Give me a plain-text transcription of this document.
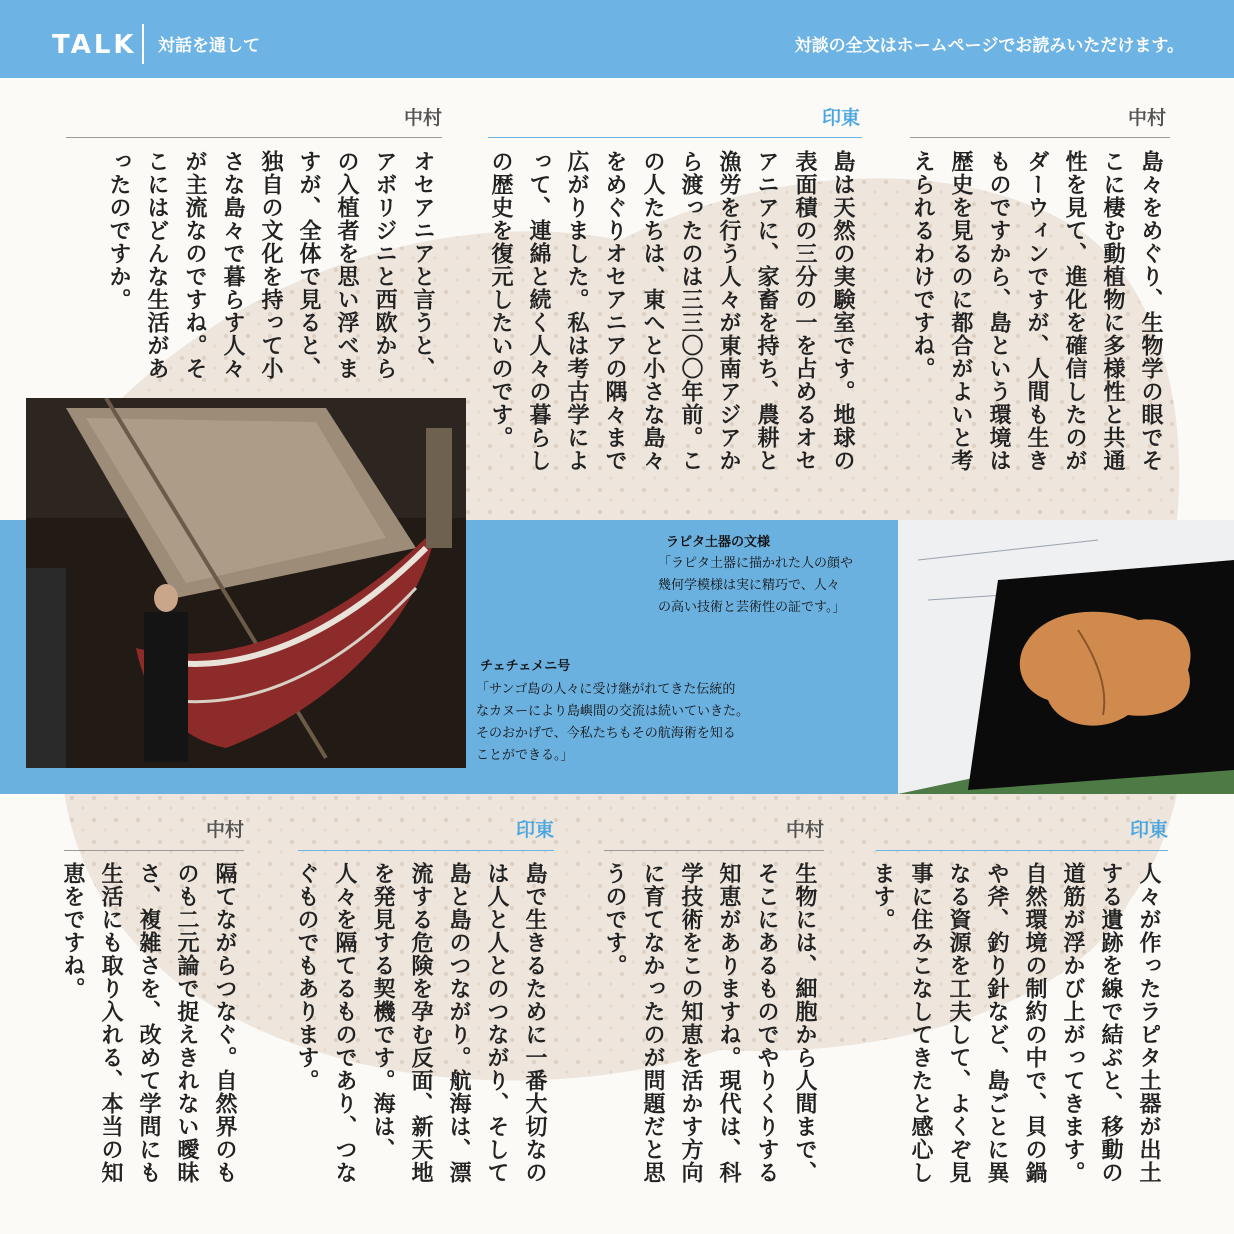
TALK 対話を通して	対談の全文はホームページでお読みいただけます。
中村
島々をめぐり、生物学の眼でそこに棲む動植物に多様性と共通性を見て、進化を確信したのがダーウィンですが、人間も生きものですから、島という環境は歴史を見るのに都合がよいと考えられるわけですね。
印東
島は天然の実験室です。地球の表面積の三分の一を占めるオセアニアに、家畜を持ち、農耕と漁労を行う人々が東南アジアから渡ったのは三三〇〇年前。この人たちは、東へと小さな島々をめぐりオセアニアの隅々まで広がりました。私は考古学によって、連綿と続く人々の暮らしの歴史を復元したいのです。
中村
オセアニアと言うと、アボリジニと西欧からの入植者を思い浮べますが、全体で見ると、独自の文化を持って小さな島々で暮らす人々が主流なのですね。そこにはどんな生活があったのですか。
ラピタ土器の文様
「ラピタ土器に描かれた人の顔や
幾何学模様は実に精巧で、人々
の高い技術と芸術性の証です。」
チェチェメニ号
「サンゴ島の人々に受け継がれてきた伝統的
なカヌーにより島嶼間の交流は続いていきた。
そのおかげで、今私たちもその航海術を知る
ことができる。」
印東
人々が作ったラピタ土器が出土する遺跡を線で結ぶと、移動の道筋が浮かび上がってきます。自然環境の制約の中で、貝の鍋や斧、釣り針など、島ごとに異なる資源を工夫して、よくぞ見事に住みこなしてきたと感心します。
中村
生物には、細胞から人間まで、そこにあるものでやりくりする知恵がありますね。現代は、科学技術をこの知恵を活かす方向に育てなかったのが問題だと思うのです。
印東
島で生きるために一番大切なのは人と人とのつながり、そして島と島のつながり。航海は、漂流する危険を孕む反面、新天地を発見する契機です。海は、人々を隔てるものであり、つなぐものでもあります。
中村
隔てながらつなぐ。自然界のものも二元論で捉えきれない曖昧さ、複雑さを、改めて学問にも生活にも取り入れる、本当の知恵をですね。
